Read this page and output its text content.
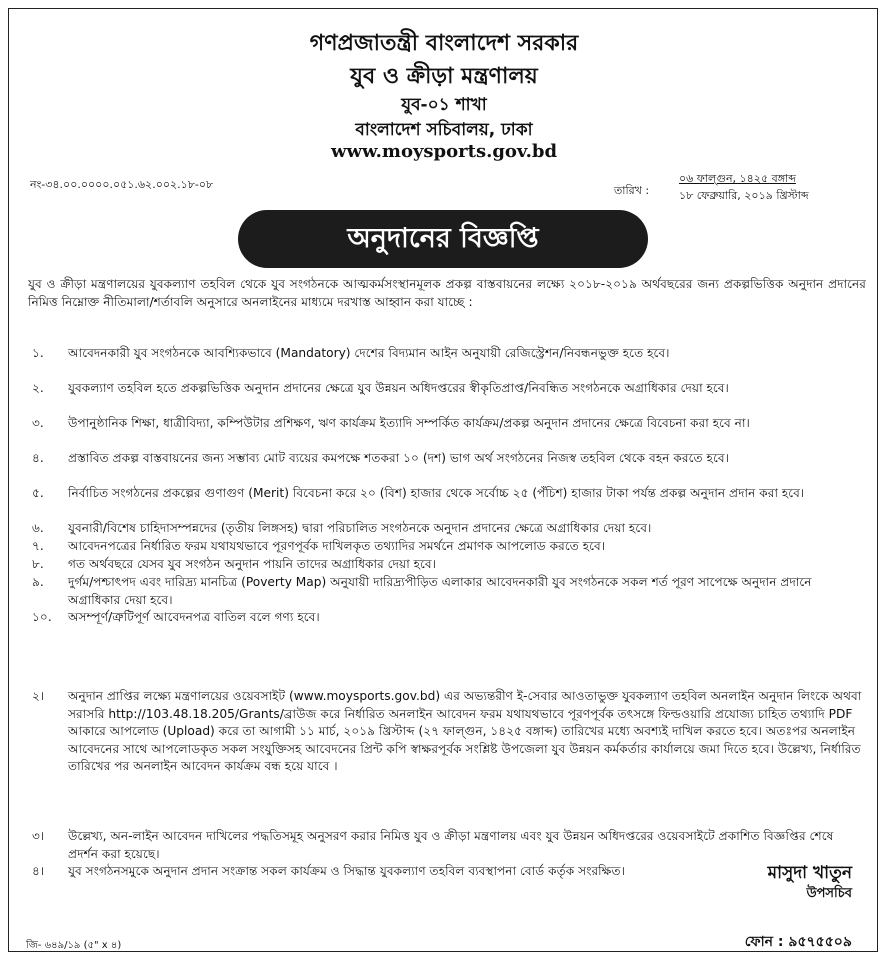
গণপ্রজাতন্ত্রী বাংলাদেশ সরকার
যুব ও ক্রীড়া মন্ত্রণালয়
যুব-০১ শাখা
বাংলাদেশ সচিবালয়, ঢাকা
www.moysports.gov.bd
নং-৩৪.০০.০০০০.০৫১.৬২.০০২.১৮-০৮	তারিখ :
০৬ ফাল্গুন, ১৪২৫ বঙ্গাব্দ
১৮ ফেব্রুয়ারি, ২০১৯ খ্রিস্টাব্দ
অনুদানের বিজ্ঞপ্তি
যুব ও ক্রীড়া মন্ত্রণালয়ের যুবকল্যাণ তহবিল থেকে যুব সংগঠনকে আত্মকর্মসংস্থানমূলক প্রকল্প বাস্তবায়নের লক্ষ্যে ২০১৮-২০১৯ অর্থবছরের জন্য প্রকল্পভিত্তিক অনুদান প্রদানের নিমিত্ত নিম্নোক্ত নীতিমালা/শর্তাবলি অনুসারে অনলাইনের মাধ্যমে দরখাস্ত আহ্বান করা যাচ্ছে :
১. আবেদনকারী যুব সংগঠনকে আবশ্যিকভাবে (Mandatory) দেশের বিদ্যমান আইন অনুযায়ী রেজিস্ট্রেশন/নিবন্ধনভুক্ত হতে হবে।
২. যুবকল্যাণ তহবিল হতে প্রকল্পভিত্তিক অনুদান প্রদানের ক্ষেত্রে যুব উন্নয়ন অধিদপ্তরের স্বীকৃতিপ্রাপ্ত/নিবন্ধিত সংগঠনকে অগ্রাধিকার দেয়া হবে।
৩. উপানুষ্ঠানিক শিক্ষা, ধাত্রীবিদ্যা, কম্পিউটার প্রশিক্ষণ, ঋণ কার্যক্রম ইত্যাদি সম্পর্কিত কার্যক্রম/প্রকল্প অনুদান প্রদানের ক্ষেত্রে বিবেচনা করা হবে না।
৪. প্রস্তাবিত প্রকল্প বাস্তবায়নের জন্য সম্ভাব্য মোট ব্যয়ের কমপক্ষে শতকরা ১০ (দশ) ভাগ অর্থ সংগঠনের নিজস্ব তহবিল থেকে বহন করতে হবে।
৫. নির্বাচিত সংগঠনের প্রকল্পের গুণাগুণ (Merit) বিবেচনা করে ২০ (বিশ) হাজার থেকে সর্বোচ্চ ২৫ (পঁচিশ) হাজার টাকা পর্যন্ত প্রকল্প অনুদান প্রদান করা হবে।
৬. যুবনারী/বিশেষ চাহিদাসম্পন্নদের (তৃতীয় লিঙ্গসহ) দ্বারা পরিচালিত সংগঠনকে অনুদান প্রদানের ক্ষেত্রে অগ্রাধিকার দেয়া হবে।
৭. আবেদনপত্রের নির্ধারিত ফরম যথাযথভাবে পূরণপূর্বক দাখিলকৃত তথ্যাদির সমর্থনে প্রমাণক আপলোড করতে হবে।
৮. গত অর্থবছরে যেসব যুব সংগঠন অনুদান পায়নি তাদের অগ্রাধিকার দেয়া হবে।
৯. দুর্গম/পশ্চাৎপদ এবং দারিদ্র্য মানচিত্র (Poverty Map) অনুযায়ী দারিদ্র্যপীড়িত এলাকার আবেদনকারী যুব সংগঠনকে সকল শর্ত পূরণ সাপেক্ষে অনুদান প্রদানে অগ্রাধিকার দেয়া হবে।
১০. অসম্পূর্ণ/ত্রুটিপূর্ণ আবেদনপত্র বাতিল বলে গণ্য হবে।
২। অনুদান প্রাপ্তির লক্ষ্যে মন্ত্রণালয়ের ওয়েবসাইট (www.moysports.gov.bd) এর অভ্যন্তরীণ ই-সেবার আওতাভুক্ত যুবকল্যাণ তহবিল অনলাইন অনুদান লিংকে অথবা সরাসরি http://103.48.18.205/Grants/ব্রাউজ করে নির্ধারিত অনলাইন আবেদন ফরম যথাযথভাবে পূরণপূর্বক তৎসঙ্গে ফিল্ডওয়ারি প্রযোজ্য চাহিত তথ্যাদি PDF আকারে আপলোড (Upload) করে তা আগামী ১১ মার্চ, ২০১৯ খ্রিস্টাব্দ (২৭ ফাল্গুন, ১৪২৫ বঙ্গাব্দ) তারিখের মধ্যে অবশ্যই দাখিল করতে হবে। অতঃপর অনলাইন আবেদনের সাথে আপলোডকৃত সকল সংযুক্তিসহ আবেদনের প্রিন্ট কপি স্বাক্ষরপূর্বক সংশ্লিষ্ট উপজেলা যুব উন্নয়ন কর্মকর্তার কার্যালয়ে জমা দিতে হবে। উল্লেখ্য, নির্ধারিত তারিখের পর অনলাইন আবেদন কার্যক্রম বন্ধ হয়ে যাবে ।
৩। উল্লেখ্য, অন-লাইন আবেদন দাখিলের পদ্ধতিসমূহ অনুসরণ করার নিমিত্ত যুব ও ক্রীড়া মন্ত্রণালয় এবং যুব উন্নয়ন অধিদপ্তরের ওয়েবসাইটে প্রকাশিত বিজ্ঞপ্তির শেষে প্রদর্শন করা হয়েছে।
৪। যুব সংগঠনসমুকে অনুদান প্রদান সংক্রান্ত সকল কার্যক্রম ও সিদ্ধান্ত যুবকল্যাণ তহবিল ব্যবস্থাপনা বোর্ড কর্তৃক সংরক্ষিত।	মাসুদা খাতুন
উপসচিব
ফোন : ৯৫৭৫৫০৯
জি- ৬৪৯/১৯ (৫" x ৪)
